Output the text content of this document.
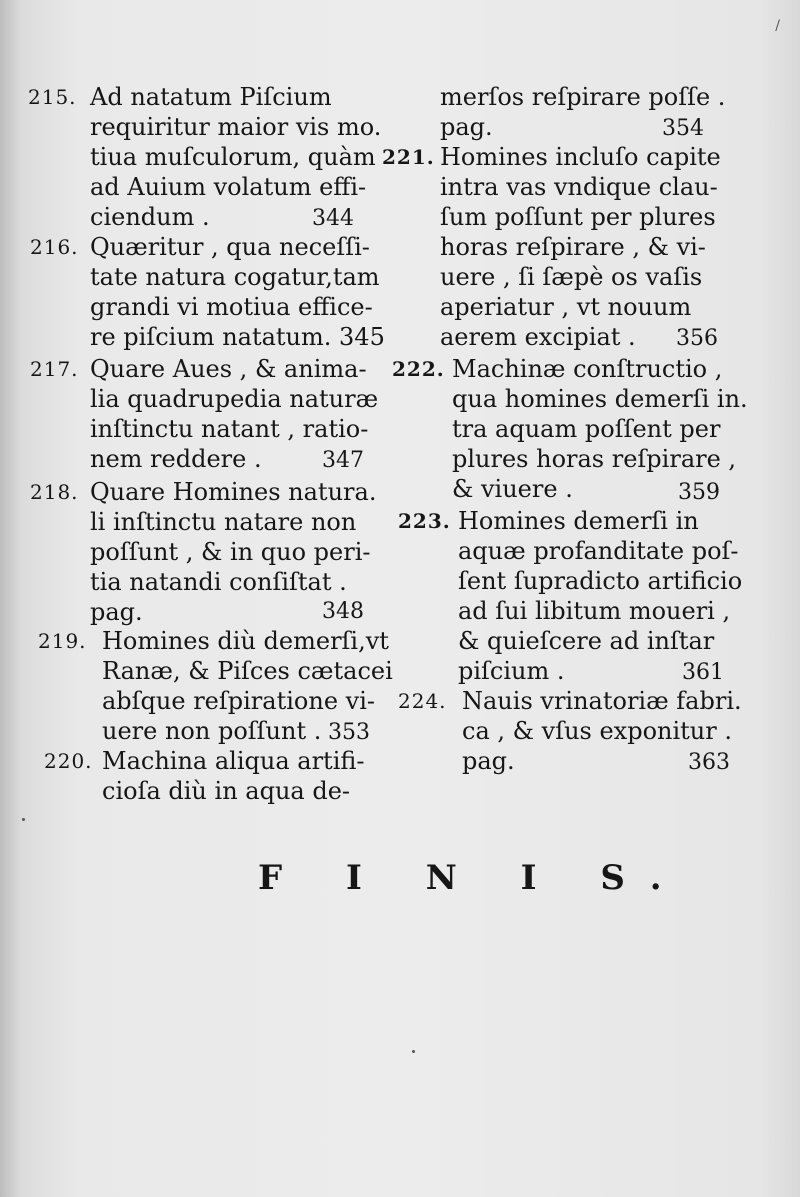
/
215. Ad natatum Piſcium
requiritur maior vis mo.
tiua muſculorum, quàm
ad Auium volatum effi-
ciendum .	344
216. Quæritur , qua neceſſi-
tate natura cogatur,tam
grandi vi motiua effice-
re piſcium natatum. 345
217. Quare Aues , & anima-
lia quadrupedia naturæ
inſtinctu natant , ratio-
nem reddere .	347
218. Quare Homines natura.
li inſtinctu natare non
poſſunt , & in quo peri-
tia natandi conſiſtat .
pag.	348
219. Homines diù demerſi,vt
Ranæ, & Piſces cætacei
abſque reſpiratione vi-
uere non poſſunt . 353
220. Machina aliqua artifi-
cioſa diù in aqua de-
merſos reſpirare poſſe .
pag.	354
221. Homines incluſo capite
intra vas vndique clau-
ſum poſſunt per plures
horas reſpirare , & vi-
uere , ſi ſæpè os vaſis
aperiatur , vt nouum
aerem excipiat . 356
222. Machinæ conſtructio ,
qua homines demerſi in.
tra aquam poſſent per
plures horas reſpirare ,
& viuere .	359
223. Homines demerſi in
aquæ profanditate poſ-
ſent ſupradicto artificio
ad ſui libitum moueri ,
& quieſcere ad inſtar
piſcium .	361
224. Nauis vrinatoriæ fabri.
ca , & vſus exponitur .
pag.	363
F I N I S.
